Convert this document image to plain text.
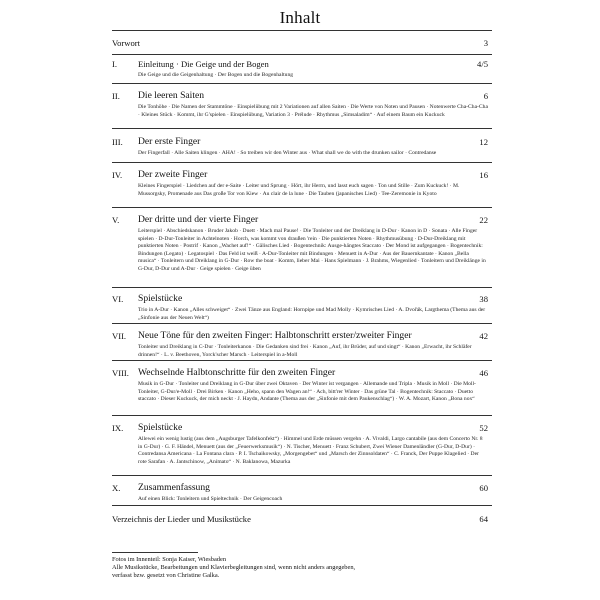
Inhalt
Vorwort	3
I. Einleitung · Die Geige und der Bogen	4/5
Die Geige und die Geigenhaltung · Der Bogen und die Bogenhaltung
II. Die leeren Saiten	6
Die Tonhöhe · Die Namen der Stammtöne · Einspielübung mit 2 Variationen auf allen Saiten · Die Werte von Noten und Pausen · Notenwerte Cha-Cha-Cha · Kleines Stück · Kommt, ihr G'spielen · Einspielübung, Variation 3 · Prélude · Rhythmus „Simsaladim“ · Auf einem Baum ein Kuckuck
III. Der erste Finger	12
Der Fingerfall · Alle Saiten klingen · AHA! · So treiben wir den Winter aus · What shall we do with the drunken sailor · Contredanse
IV. Der zweite Finger	16
Kleines Fingerspiel · Liedchen auf der e-Saite · Leiter und Sprung · Hört, ihr Herrn, und lasst euch sagen · Ton und Stille · Zum Kuckuck! · M. Mussorgsky, Promenade aus Das große Tor von Kiew · Au clair de la lune · Die Tauben (japanisches Lied) · Tee-Zeremonie in Kyoto
V. Der dritte und der vierte Finger	22
Leiterspiel · Abschiedskanon · Bruder Jakob · Duett · Mach mal Pause! · Die Tonleiter und der Dreiklang in D-Dur · Kanon in D · Sonata · Alle Finger spielen · D-Dur-Tonleiter in Achtelnoten · Horch, was kommt von draußen 'rein · Die punktierten Noten · Rhythmusübung · D-Dur-Dreiklang mit punktierten Noten · Postrif · Kanon „Wachet auf!“ · Gälisches Lied · Bogentechnik: Ausge-hängtes Staccato · Der Mond ist aufgegangen · Bogentechnik: Bindungen (Legato) · Legatospiel · Das Feld ist weiß · A-Dur-Tonleiter mit Bindungen · Menuett in A-Dur · Aus der Bauernkantate · Kanon „Bella musica“ · Tonleitern und Dreiklang in G-Dur · Row the boat · Komm, lieber Mai · Hans Spielmann · J. Brahms, Wiegenlied · Tonleitern und Dreiklänge in G-Dur, D-Dur und A-Dur · Geige spielen · Geige üben
VI. Spielstücke	38
Trio in A-Dur · Kanon „Alles schweiget“ · Zwei Tänze aus England: Hornpipe und Mad Molly · Kymrisches Lied · A. Dvořák, Largthema (Thema aus der „Sinfonie aus der Neuen Welt“)
VII. Neue Töne für den zweiten Finger: Halbtonschritt erster/zweiter Finger	42
Tonleiter und Dreiklang in C-Dur · Tonleiterkanon · Die Gedanken sind frei · Kanon „Auf, ihr Brüder, auf und singt“ · Kanon „Erwacht, ihr Schläfer drinnen!“ · L. v. Beethoven, Yorck'scher Marsch · Leiterspiel in a-Moll
VIII. Wechselnde Halbtonschritte für den zweiten Finger	46
Musik in G-Dur · Tonleiter und Dreiklang in G-Dur über zwei Oktaven · Der Winter ist vergangen · Allemande und Tripla · Musik in Moll · Die Moll-Tonleiter, G-Dur/e-Moll · Drei Birken · Kanon „Heho, spann den Wagen an!“ · Ach, bitt'rer Winter · Das grüne Tal · Bogentechnik: Staccato · Duetto staccato · Dieser Kuckuck, der mich neckt · J. Haydn, Andante (Thema aus der „Sinfonie mit dem Paukenschlag“) · W. A. Mozart, Kanon „Bona nox“
IX. Spielstücke	52
Allewei ein wenig lustig (aus dem „Augsburger Tafelkonfekt“) · Himmel und Erde müssen vergehn · A. Vivaldi, Largo cantabile (aus dem Concerto Nr. 8 in G-Dur) · G. F. Händel, Menuett (aus der „Feuerwerksmusik“) · N. Tischer, Menuett · Franz Schubert, Zwei Wiener Damenländler (G-Dur, D-Dur) · Contredansa Americana · La Fontana clara · P. I. Tschaikowsky, „Morgengebet“ und „Marsch der Zinnsoldaten“ · C. Franck, Der Puppe Klagelied · Der rote Sarafan · A. Jantschinow, „Anímato“ · N. Baklanowa, Mazurka
X. Zusammenfassung	60
Auf einen Blick: Tonleitern und Spieltechnik · Der Geigencoach
Verzeichnis der Lieder und Musikstücke	64
Fotos im Innenteil: Sonja Kaiser, Wiesbaden
Alle Musikstücke, Bearbeitungen und Klavierbegleitungen sind, wenn nicht anders angegeben,
verfasst bzw. gesetzt von Christine Galka.
